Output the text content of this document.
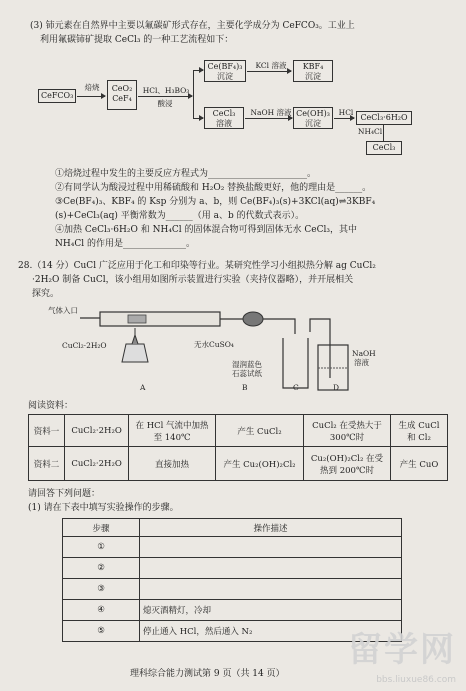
(3) 铈元素在自然界中主要以氟碳矿形式存在，主要化学成分为 CeFCO₃。工业上
利用氟碳铈矿提取 CeCl₃ 的一种工艺流程如下：
CeFCO₃
焙烧	CeO₂
CeF₄
HCl、H₃BO₃
酸浸
Ce(BF₄)₃
沉淀
KCl 溶液	KBF₄
沉淀
CeCl₃
溶液
NaOH 溶液 Ce(OH)₃
沉淀
HCl
CeCl₃·6H₂O
NH₄Cl
CeCl₃
①焙烧过程中发生的主要反应方程式为______________________。
②有同学认为酸浸过程中用稀硫酸和 H₂O₂ 替换盐酸更好，他的理由是______。
③Ce(BF₄)₃、KBF₄ 的 Ksp 分别为 a、b，则 Ce(BF₄)₃(s)+3KCl(aq)⇌3KBF₄
(s)+CeCl₃(aq) 平衡常数为______（用 a、b 的代数式表示）。
④加热 CeCl₃·6H₂O 和 NH₄Cl 的固体混合物可得到固体无水 CeCl₃，其中
NH₄Cl 的作用是______________。
28.（14 分）CuCl 广泛应用于化工和印染等行业。某研究性学习小组拟热分解 ag CuCl₂
·2H₂O 制备 CuCl，该小组用如图所示装置进行实验（夹持仪器略），并开展相关
探究。
气体入口
CuCl₂·2H₂O	无水CuSO₄
湿润蓝色
石蕊试纸
NaOH
溶液
A	B	C	D
阅读资料：
资料一	CuCl₂·2H₂O	在 HCl 气流中加热至 140℃	产生 CuCl₂	CuCl₂ 在受热大于 300℃时	生成 CuCl 和 Cl₂
资料二	CuCl₂·2H₂O	直接加热	产生 Cu₂(OH)₂Cl₂	Cu₂(OH)₂Cl₂ 在受热到 200℃时	产生 CuO
请回答下列问题：
(1) 请在下表中填写实验操作的步骤。
步骤	操作描述
①	
②	
③	
④	熄灭酒精灯，冷却
⑤	停止通入 HCl，然后通入 N₂
理科综合能力测试第 9 页（共 14 页）
留学网
bbs.liuxue86.com
